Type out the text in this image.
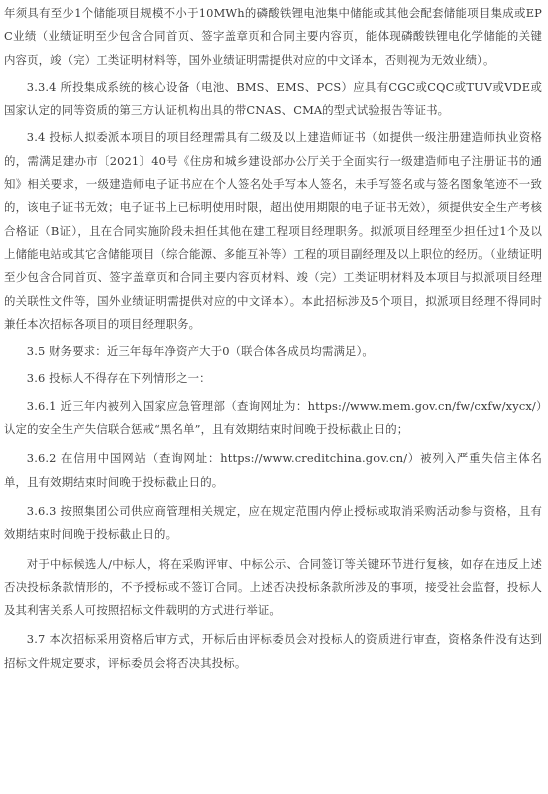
年须具有至少1个储能项目规模不小于10MWh的磷酸铁锂电池集中储能或其他会配套储能项目集成或EPC业绩（业绩证明至少包含合同首页、签字盖章页和合同主要内容页，能体现磷酸铁锂电化学储能的关键内容页，竣（完）工类证明材料等，国外业绩证明需提供对应的中文译本，否则视为无效业绩）。

3.3.4 所投集成系统的核心设备（电池、BMS、EMS、PCS）应具有CGC或CQC或TUV或VDE或国家认定的同等资质的第三方认证机构出具的带CNAS、CMA的型式试验报告等证书。

3.4 投标人拟委派本项目的项目经理需具有二级及以上建造师证书（如提供一级注册建造师执业资格的，需满足建办市〔2021〕40号《住房和城乡建设部办公厅关于全面实行一级建造师电子注册证书的通知》相关要求，一级建造师电子证书应在个人签名处手写本人签名，未手写签名或与签名图象笔迹不一致的，该电子证书无效；电子证书上已标明使用时限，超出使用期限的电子证书无效），须提供安全生产考核合格证（B证），且在合同实施阶段未担任其他在建工程项目经理职务。拟派项目经理至少担任过1个及以上储能电站或其它含储能项目（综合能源、多能互补等）工程的项目副经理及以上职位的经历。（业绩证明至少包含合同首页、签字盖章页和合同主要内容页材料、竣（完）工类证明材料及本项目与拟派项目经理的关联性文件等，国外业绩证明需提供对应的中文译本）。本此招标涉及5个项目，拟派项目经理不得同时兼任本次招标各项目的项目经理职务。

3.5 财务要求：近三年每年净资产大于0（联合体各成员均需满足）。

3.6 投标人不得存在下列情形之一：

3.6.1 近三年内被列入国家应急管理部（查询网址为：https://www.mem.gov.cn/fw/cxfw/xycx/）认定的安全生产失信联合惩戒“黑名单”，且有效期结束时间晚于投标截止日的；

3.6.2 在信用中国网站（查询网址：https://www.creditchina.gov.cn/）被列入严重失信主体名单，且有效期结束时间晚于投标截止日的。

3.6.3 按照集团公司供应商管理相关规定，应在规定范围内停止授标或取消采购活动参与资格，且有效期结束时间晚于投标截止日的。

对于中标候选人/中标人，将在采购评审、中标公示、合同签订等关键环节进行复核，如存在违反上述否决投标条款情形的，不予授标或不签订合同。上述否决投标条款所涉及的事项，接受社会监督，投标人及其利害关系人可按照招标文件载明的方式进行举证。

3.7 本次招标采用资格后审方式，开标后由评标委员会对投标人的资质进行审查，资格条件没有达到招标文件规定要求，评标委员会将否决其投标。
